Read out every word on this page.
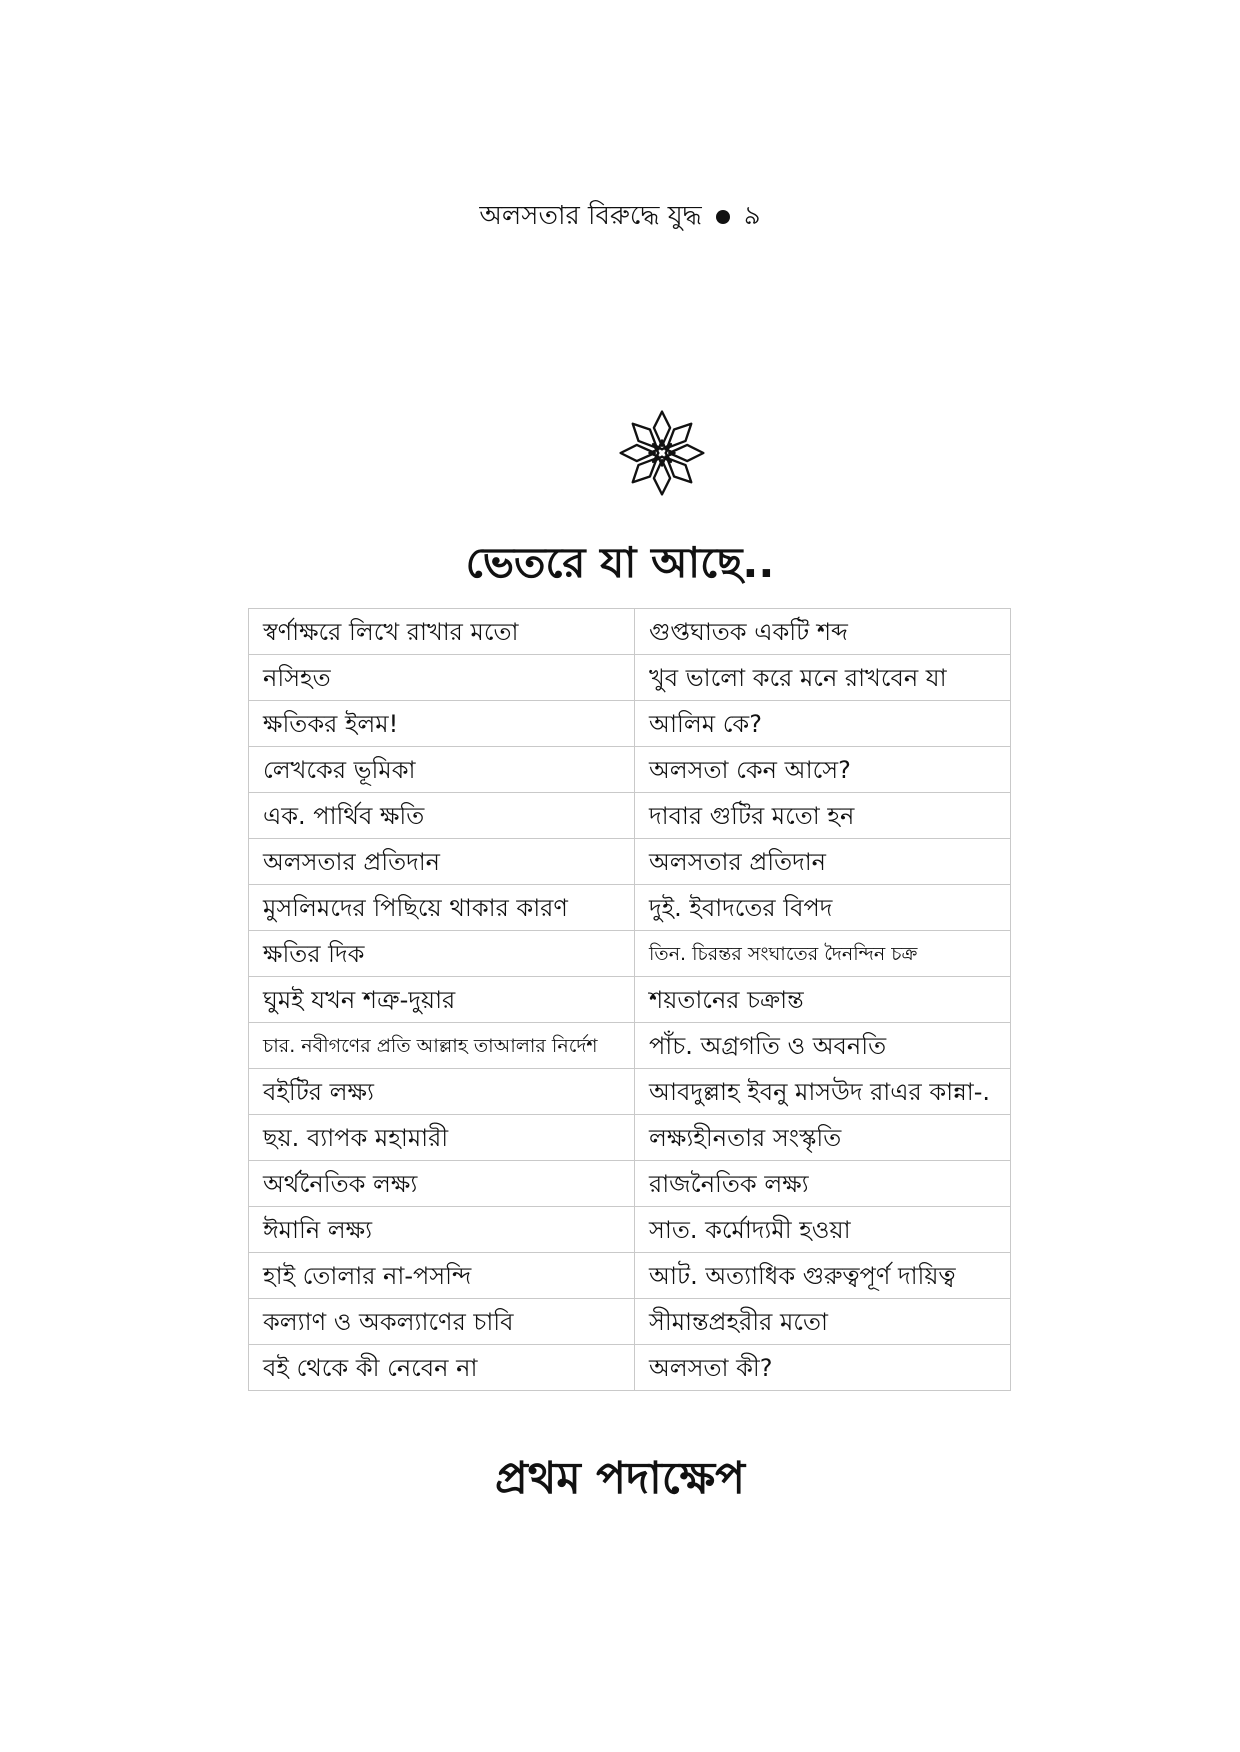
অলসতার বিরুদ্ধে যুদ্ধ ৯
ভেতরে যা আছে..
স্বর্ণাক্ষরে লিখে রাখার মতো	গুপ্তঘাতক একটি শব্দ
নসিহত	খুব ভালো করে মনে রাখবেন যা
ক্ষতিকর ইলম!	আলিম কে?
লেখকের ভূমিকা	অলসতা কেন আসে?
এক. পার্থিব ক্ষতি	দাবার গুটির মতো হন
অলসতার প্রতিদান	অলসতার প্রতিদান
মুসলিমদের পিছিয়ে থাকার কারণ	দুই. ইবাদতের বিপদ
ক্ষতির দিক	তিন. চিরন্তর সংঘাতের দৈনন্দিন চক্র
ঘুমই যখন শত্রু-দুয়ার	শয়তানের চক্রান্ত
চার. নবীগণের প্রতি আল্লাহ তাআলার নির্দেশ	পাঁচ. অগ্রগতি ও অবনতি
বইটির লক্ষ্য	আবদুল্লাহ ইবনু মাসউদ রাএর কান্না-.
ছয়. ব্যাপক মহামারী	লক্ষ্যহীনতার সংস্কৃতি
অর্থনৈতিক লক্ষ্য	রাজনৈতিক লক্ষ্য
ঈমানি লক্ষ্য	সাত. কর্মোদ্যমী হওয়া
হাই তোলার না-পসন্দি	আট. অত্যাধিক গুরুত্বপূর্ণ দায়িত্ব
কল্যাণ ও অকল্যাণের চাবি	সীমান্তপ্রহরীর মতো
বই থেকে কী নেবেন না	অলসতা কী?
প্রথম পদাক্ষেপ
